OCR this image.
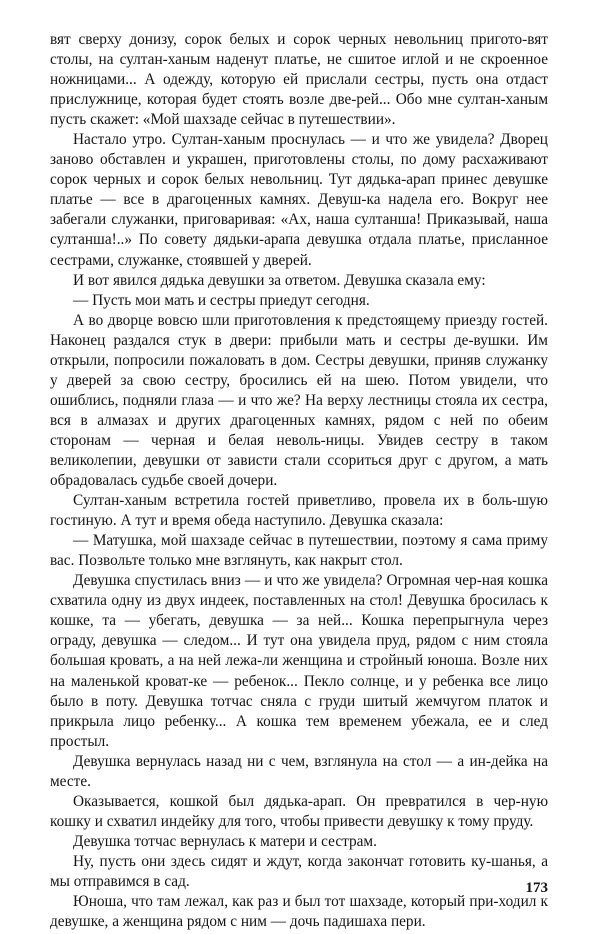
вят сверху донизу, сорок белых и сорок черных невольниц пригото-вят столы, на султан-ханым наденут платье, не сшитое иглой и не скроенное ножницами... А одежду, которую ей прислали сестры, пусть она отдаст прислужнице, которая будет стоять возле две-рей... Обо мне султан-ханым пусть скажет: «Мой шахзаде сейчас в путешествии».

Настало утро. Султан-ханым проснулась — и что же увидела? Дворец заново обставлен и украшен, приготовлены столы, по дому расхаживают сорок черных и сорок белых невольниц. Тут дядька-арап принес девушке платье — все в драгоценных камнях. Девуш-ка надела его. Вокруг нее забегали служанки, приговаривая: «Ах, наша султанша! Приказывай, наша султанша!..» По совету дядьки-арапа девушка отдала платье, присланное сестрами, служанке, стоявшей у дверей.

И вот явился дядька девушки за ответом. Девушка сказала ему:

— Пусть мои мать и сестры приедут сегодня.

А во дворце вовсю шли приготовления к предстоящему приезду гостей. Наконец раздался стук в двери: прибыли мать и сестры де-вушки. Им открыли, попросили пожаловать в дом. Сестры девушки, приняв служанку у дверей за свою сестру, бросились ей на шею. Потом увидели, что ошиблись, подняли глаза — и что же? На верху лестницы стояла их сестра, вся в алмазах и других драгоценных камнях, рядом с ней по обеим сторонам — черная и белая неволь-ницы. Увидев сестру в таком великолепии, девушки от зависти стали ссориться друг с другом, а мать обрадовалась судьбе своей дочери.

Султан-ханым встретила гостей приветливо, провела их в боль-шую гостиную. А тут и время обеда наступило. Девушка сказала:

— Матушка, мой шахзаде сейчас в путешествии, поэтому я сама приму вас. Позвольте только мне взглянуть, как накрыт стол.

Девушка спустилась вниз — и что же увидела? Огромная чер-ная кошка схватила одну из двух индеек, поставленных на стол! Девушка бросилась к кошке, та — убегать, девушка — за ней... Кошка перепрыгнула через ограду, девушка — следом... И тут она увидела пруд, рядом с ним стояла большая кровать, а на ней лежа-ли женщина и стройный юноша. Возле них на маленькой кроват-ке — ребенок... Пекло солнце, и у ребенка все лицо было в поту. Девушка тотчас сняла с груди шитый жемчугом платок и прикрыла лицо ребенку... А кошка тем временем убежала, ее и след простыл.

Девушка вернулась назад ни с чем, взглянула на стол — а ин-дейка на месте.

Оказывается, кошкой был дядька-арап. Он превратился в чер-ную кошку и схватил индейку для того, чтобы привести девушку к тому пруду.

Девушка тотчас вернулась к матери и сестрам.

Ну, пусть они здесь сидят и ждут, когда закончат готовить ку-шанья, а мы отправимся в сад.

Юноша, что там лежал, как раз и был тот шахзаде, который при-ходил к девушке, а женщина рядом с ним — дочь падишаха пери.

173
